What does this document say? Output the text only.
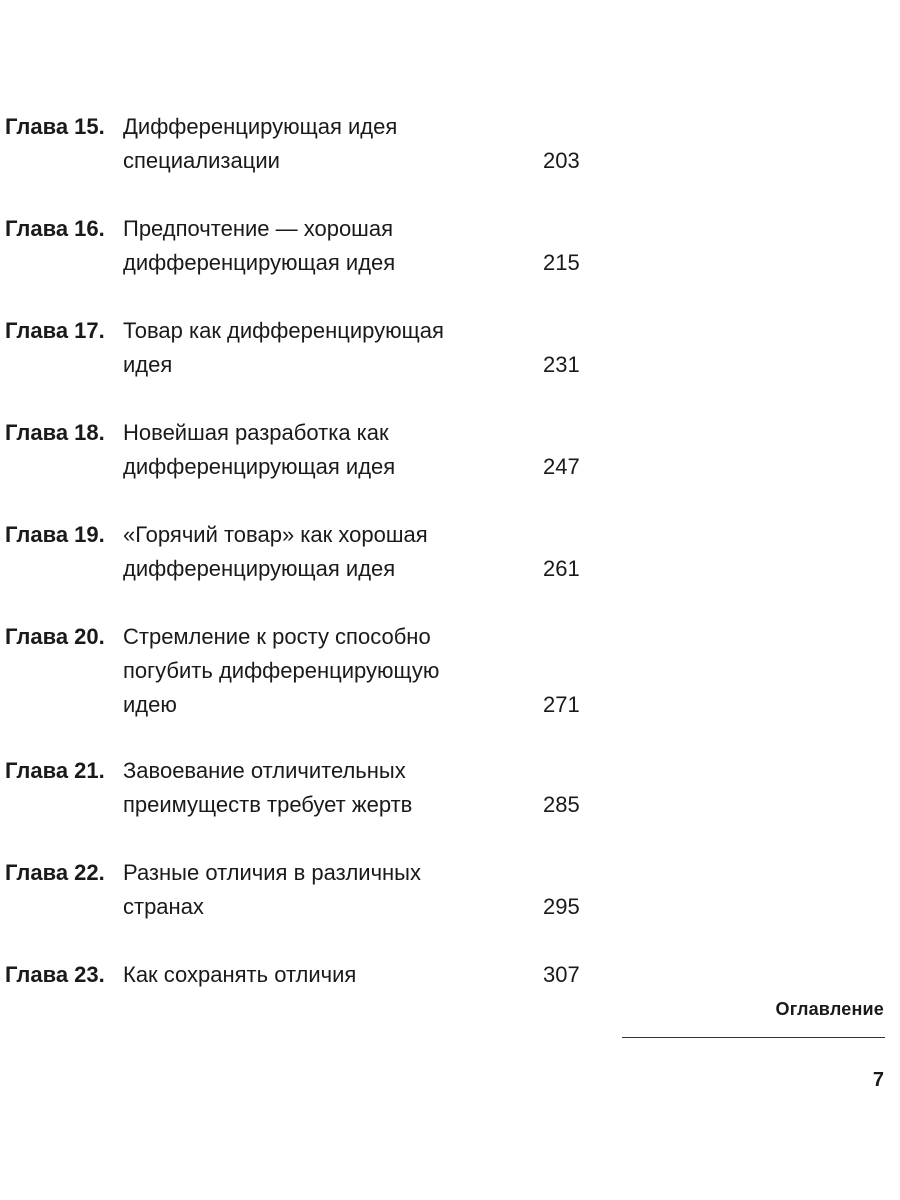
Глава 15. Дифференцирующая идея
специализации	203
Глава 16. Предпочтение — хорошая
дифференцирующая идея	215
Глава 17. Товар как дифференцирующая
идея	231
Глава 18. Новейшая разработка как
дифференцирующая идея	247
Глава 19. «Горячий товар» как хорошая
дифференцирующая идея	261
Глава 20. Стремление к росту способно
погубить дифференцирующую
идею	271
Глава 21. Завоевание отличительных
преимуществ требует жертв	285
Глава 22. Разные отличия в различных
странах	295
Глава 23. Как сохранять отличия	307
Оглавление
7
